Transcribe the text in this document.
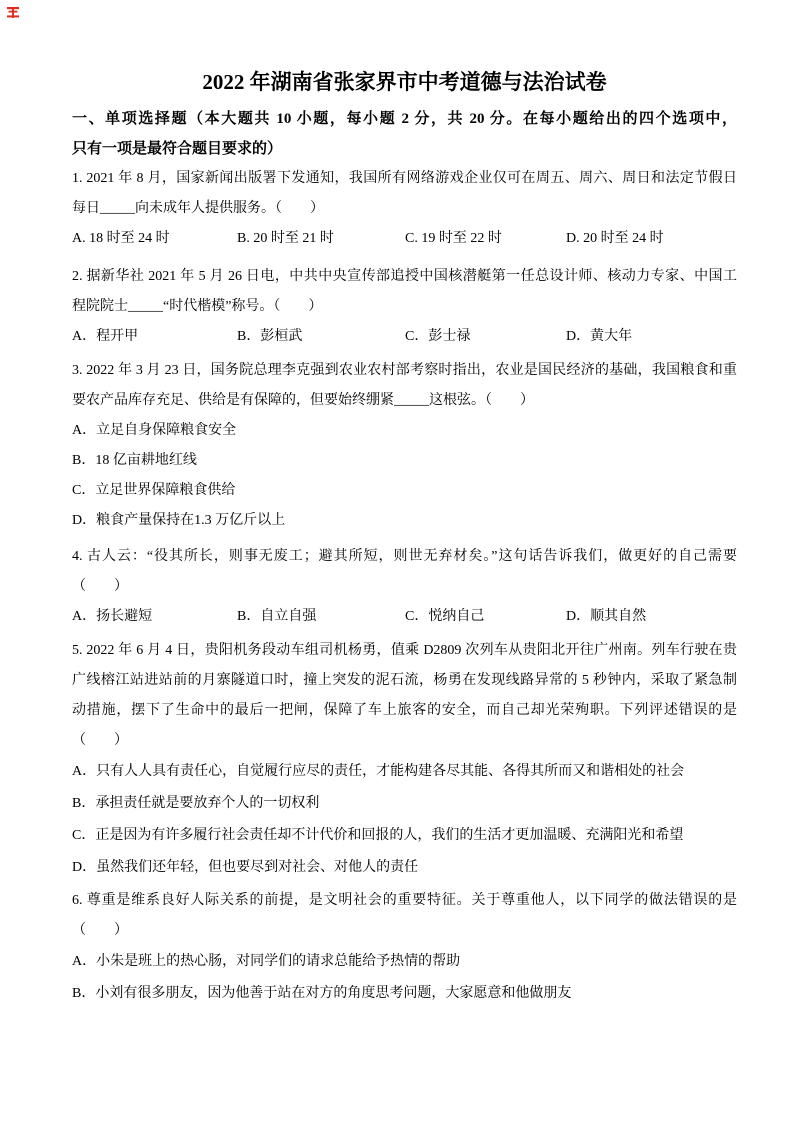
2022 年湖南省张家界市中考道德与法治试卷
一、单项选择题（本大题共 10 小题，每小题 2 分，共 20 分。在每小题给出的四个选项中，
只有一项是最符合题目要求的）
1. 2021 年 8 月，国家新闻出版署下发通知，我国所有网络游戏企业仅可在周五、周六、周日和法定节假日
每日_____向未成年人提供服务。（　　）
A. 18 时至 24 时	B. 20 时至 21 时	C. 19 时至 22 时	D. 20 时至 24 时
2. 据新华社 2021 年 5 月 26 日电，中共中央宣传部追授中国核潜艇第一任总设计师、核动力专家、中国工
程院院士_____“时代楷模”称号。（　　）
A．程开甲	B．彭桓武	C．彭士禄	D．黄大年
3. 2022 年 3 月 23 日，国务院总理李克强到农业农村部考察时指出，农业是国民经济的基础，我国粮食和重
要农产品库存充足、供给是有保障的，但要始终绷紧_____这根弦。（　　）
A．立足自身保障粮食安全
B．18 亿亩耕地红线
C．立足世界保障粮食供给
D．粮食产量保持在1.3 万亿斤以上
4. 古人云：“役其所长，则事无废工；避其所短，则世无弃材矣。”这句话告诉我们，做更好的自己需要
（　　）
A．扬长避短	B．自立自强	C．悦纳自己	D．顺其自然
5. 2022 年 6 月 4 日，贵阳机务段动车组司机杨勇，值乘 D2809 次列车从贵阳北开往广州南。列车行驶在贵
广线榕江站进站前的月寨隧道口时，撞上突发的泥石流，杨勇在发现线路异常的 5 秒钟内，采取了紧急制
动措施，摆下了生命中的最后一把闸，保障了车上旅客的安全，而自己却光荣殉职。下列评述错误的是
（　　）
A．只有人人具有责任心，自觉履行应尽的责任，才能构建各尽其能、各得其所而又和谐相处的社会
B．承担责任就是要放弃个人的一切权利
C．正是因为有许多履行社会责任却不计代价和回报的人，我们的生活才更加温暖、充满阳光和希望
D．虽然我们还年轻，但也要尽到对社会、对他人的责任
6. 尊重是维系良好人际关系的前提，是文明社会的重要特征。关于尊重他人，以下同学的做法错误的是
（　　）
A．小朱是班上的热心肠，对同学们的请求总能给予热情的帮助
B．小刘有很多朋友，因为他善于站在对方的角度思考问题，大家愿意和他做朋友
